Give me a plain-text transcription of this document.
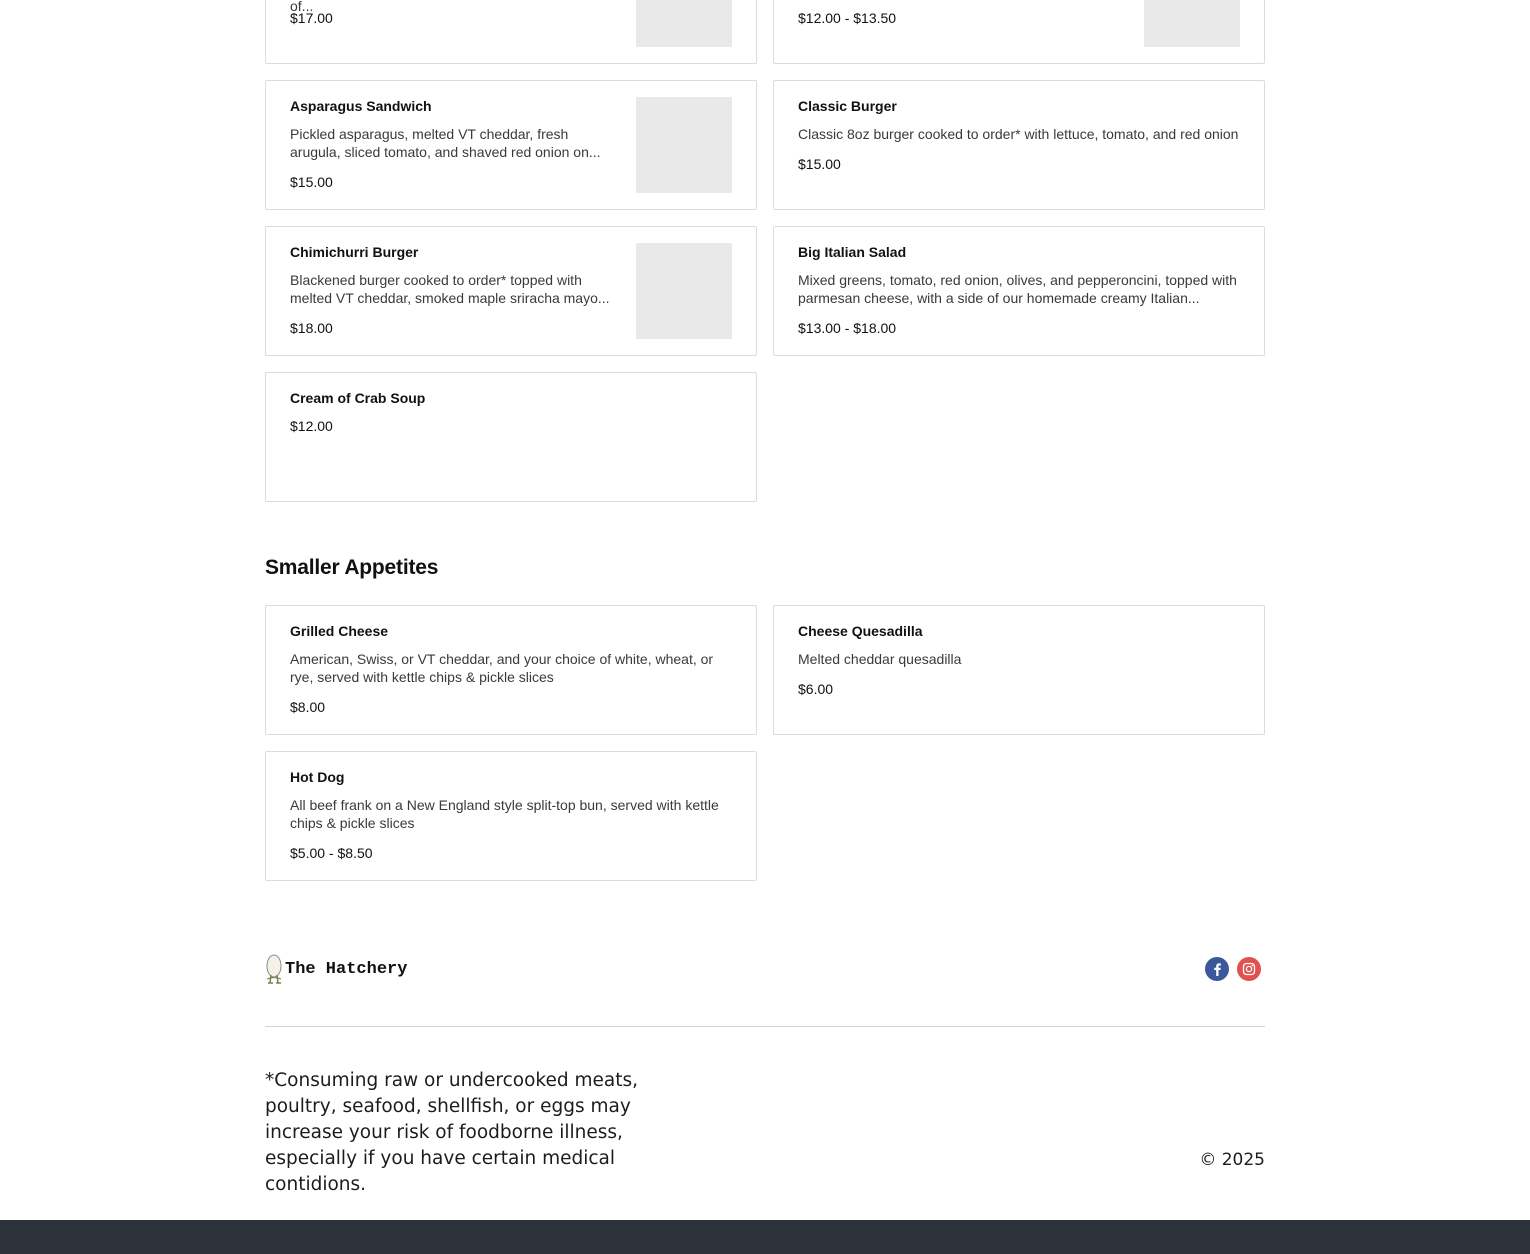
of...
$17.00	$12.00 - $13.50
Asparagus Sandwich
Pickled asparagus, melted VT cheddar, fresh arugula, sliced tomato, and shaved red onion on...
$15.00
Classic Burger
Classic 8oz burger cooked to order* with lettuce, tomato, and red onion
$15.00
Chimichurri Burger
Blackened burger cooked to order* topped with melted VT cheddar, smoked maple sriracha mayo...
$18.00
Big Italian Salad
Mixed greens, tomato, red onion, olives, and pepperoncini, topped with parmesan cheese, with a side of our homemade creamy Italian...
$13.00 - $18.00
Cream of Crab Soup
$12.00
Smaller Appetites
Grilled Cheese
American, Swiss, or VT cheddar, and your choice of white, wheat, or rye, served with kettle chips & pickle slices
$8.00
Cheese Quesadilla
Melted cheddar quesadilla
$6.00
Hot Dog
All beef frank on a New England style split-top bun, served with kettle chips & pickle slices
$5.00 - $8.50
The Hatchery
*Consuming raw or undercooked meats, poultry, seafood, shellfish, or eggs may increase your risk of foodborne illness, especially if you have certain medical contidions.
© 2025
